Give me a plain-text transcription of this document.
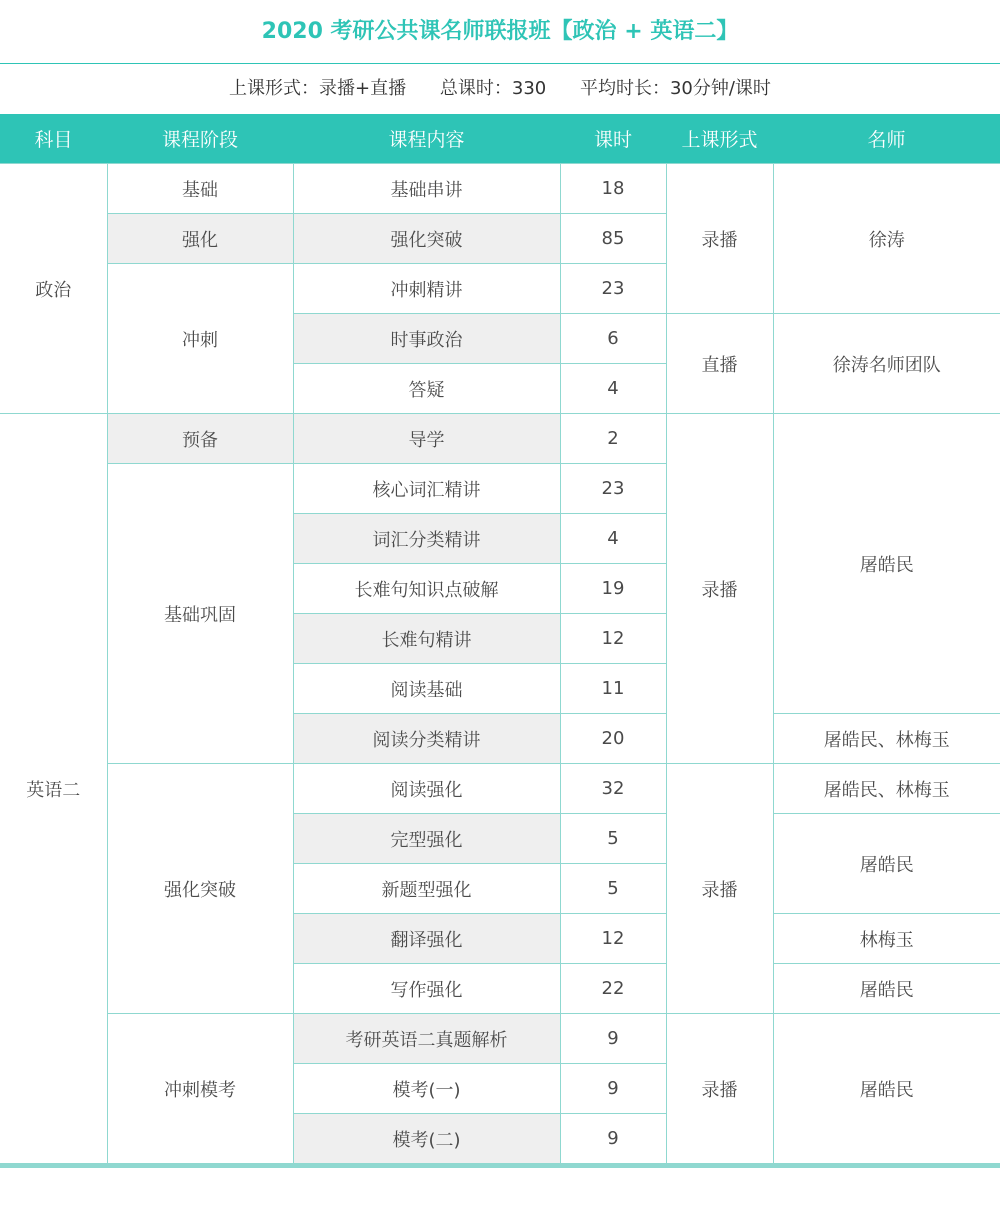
2020 考研公共课名师联报班【政治 + 英语二】
上课形式：录播+直播 总课时：330 平均时长：30分钟/课时
科目	课程阶段	课程内容	课时	上课形式	名师
政治	基础	基础串讲	18	录播	徐涛
	强化	强化突破	85		
	冲刺	冲刺精讲	23		
		时事政治	6	直播	徐涛名师团队
		答疑	4		
英语二	预备	导学	2	录播	屠皓民
	基础巩固	核心词汇精讲	23		
		词汇分类精讲	4		
		长难句知识点破解	19		
		长难句精讲	12		
		阅读基础	11		
		阅读分类精讲	20		屠皓民、林梅玉
	强化突破	阅读强化	32	录播	屠皓民、林梅玉
		完型强化	5		屠皓民
		新题型强化	5		
		翻译强化	12		林梅玉
		写作强化	22		屠皓民
	冲刺模考	考研英语二真题解析	9	录播	屠皓民
		模考(一)	9		
		模考(二)	9		
